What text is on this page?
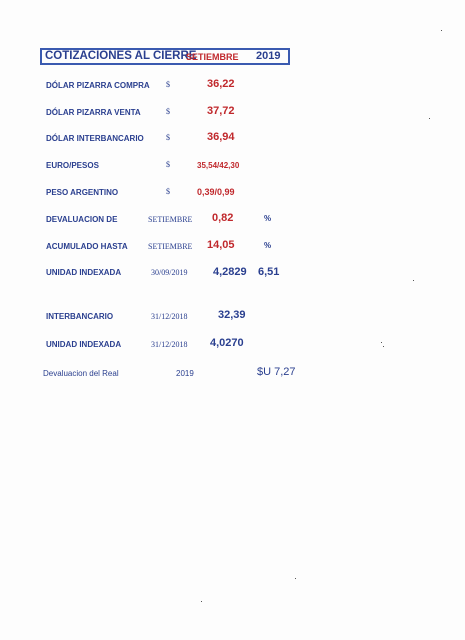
COTIZACIONES AL CIERRE
SETIEMBRE 2019
DÓLAR PIZARRA COMPRA $	36,22
DÓLAR PIZARRA VENTA	$	37,72
DÓLAR INTERBANCARIO	$	36,94
EURO/PESOS	$	35,54/42,30
PESO ARGENTINO	$	0,39/0,99
DEVALUACION DE	SETIEMBRE 0,82	%
ACUMULADO HASTA	SETIEMBRE 14,05	%
UNIDAD INDEXADA	30/09/2019 4,2829 6,51
INTERBANCARIO	31/12/2018	32,39
UNIDAD INDEXADA	31/12/2018 4,0270
Devaluacion del Real	2019	$U 7,27
